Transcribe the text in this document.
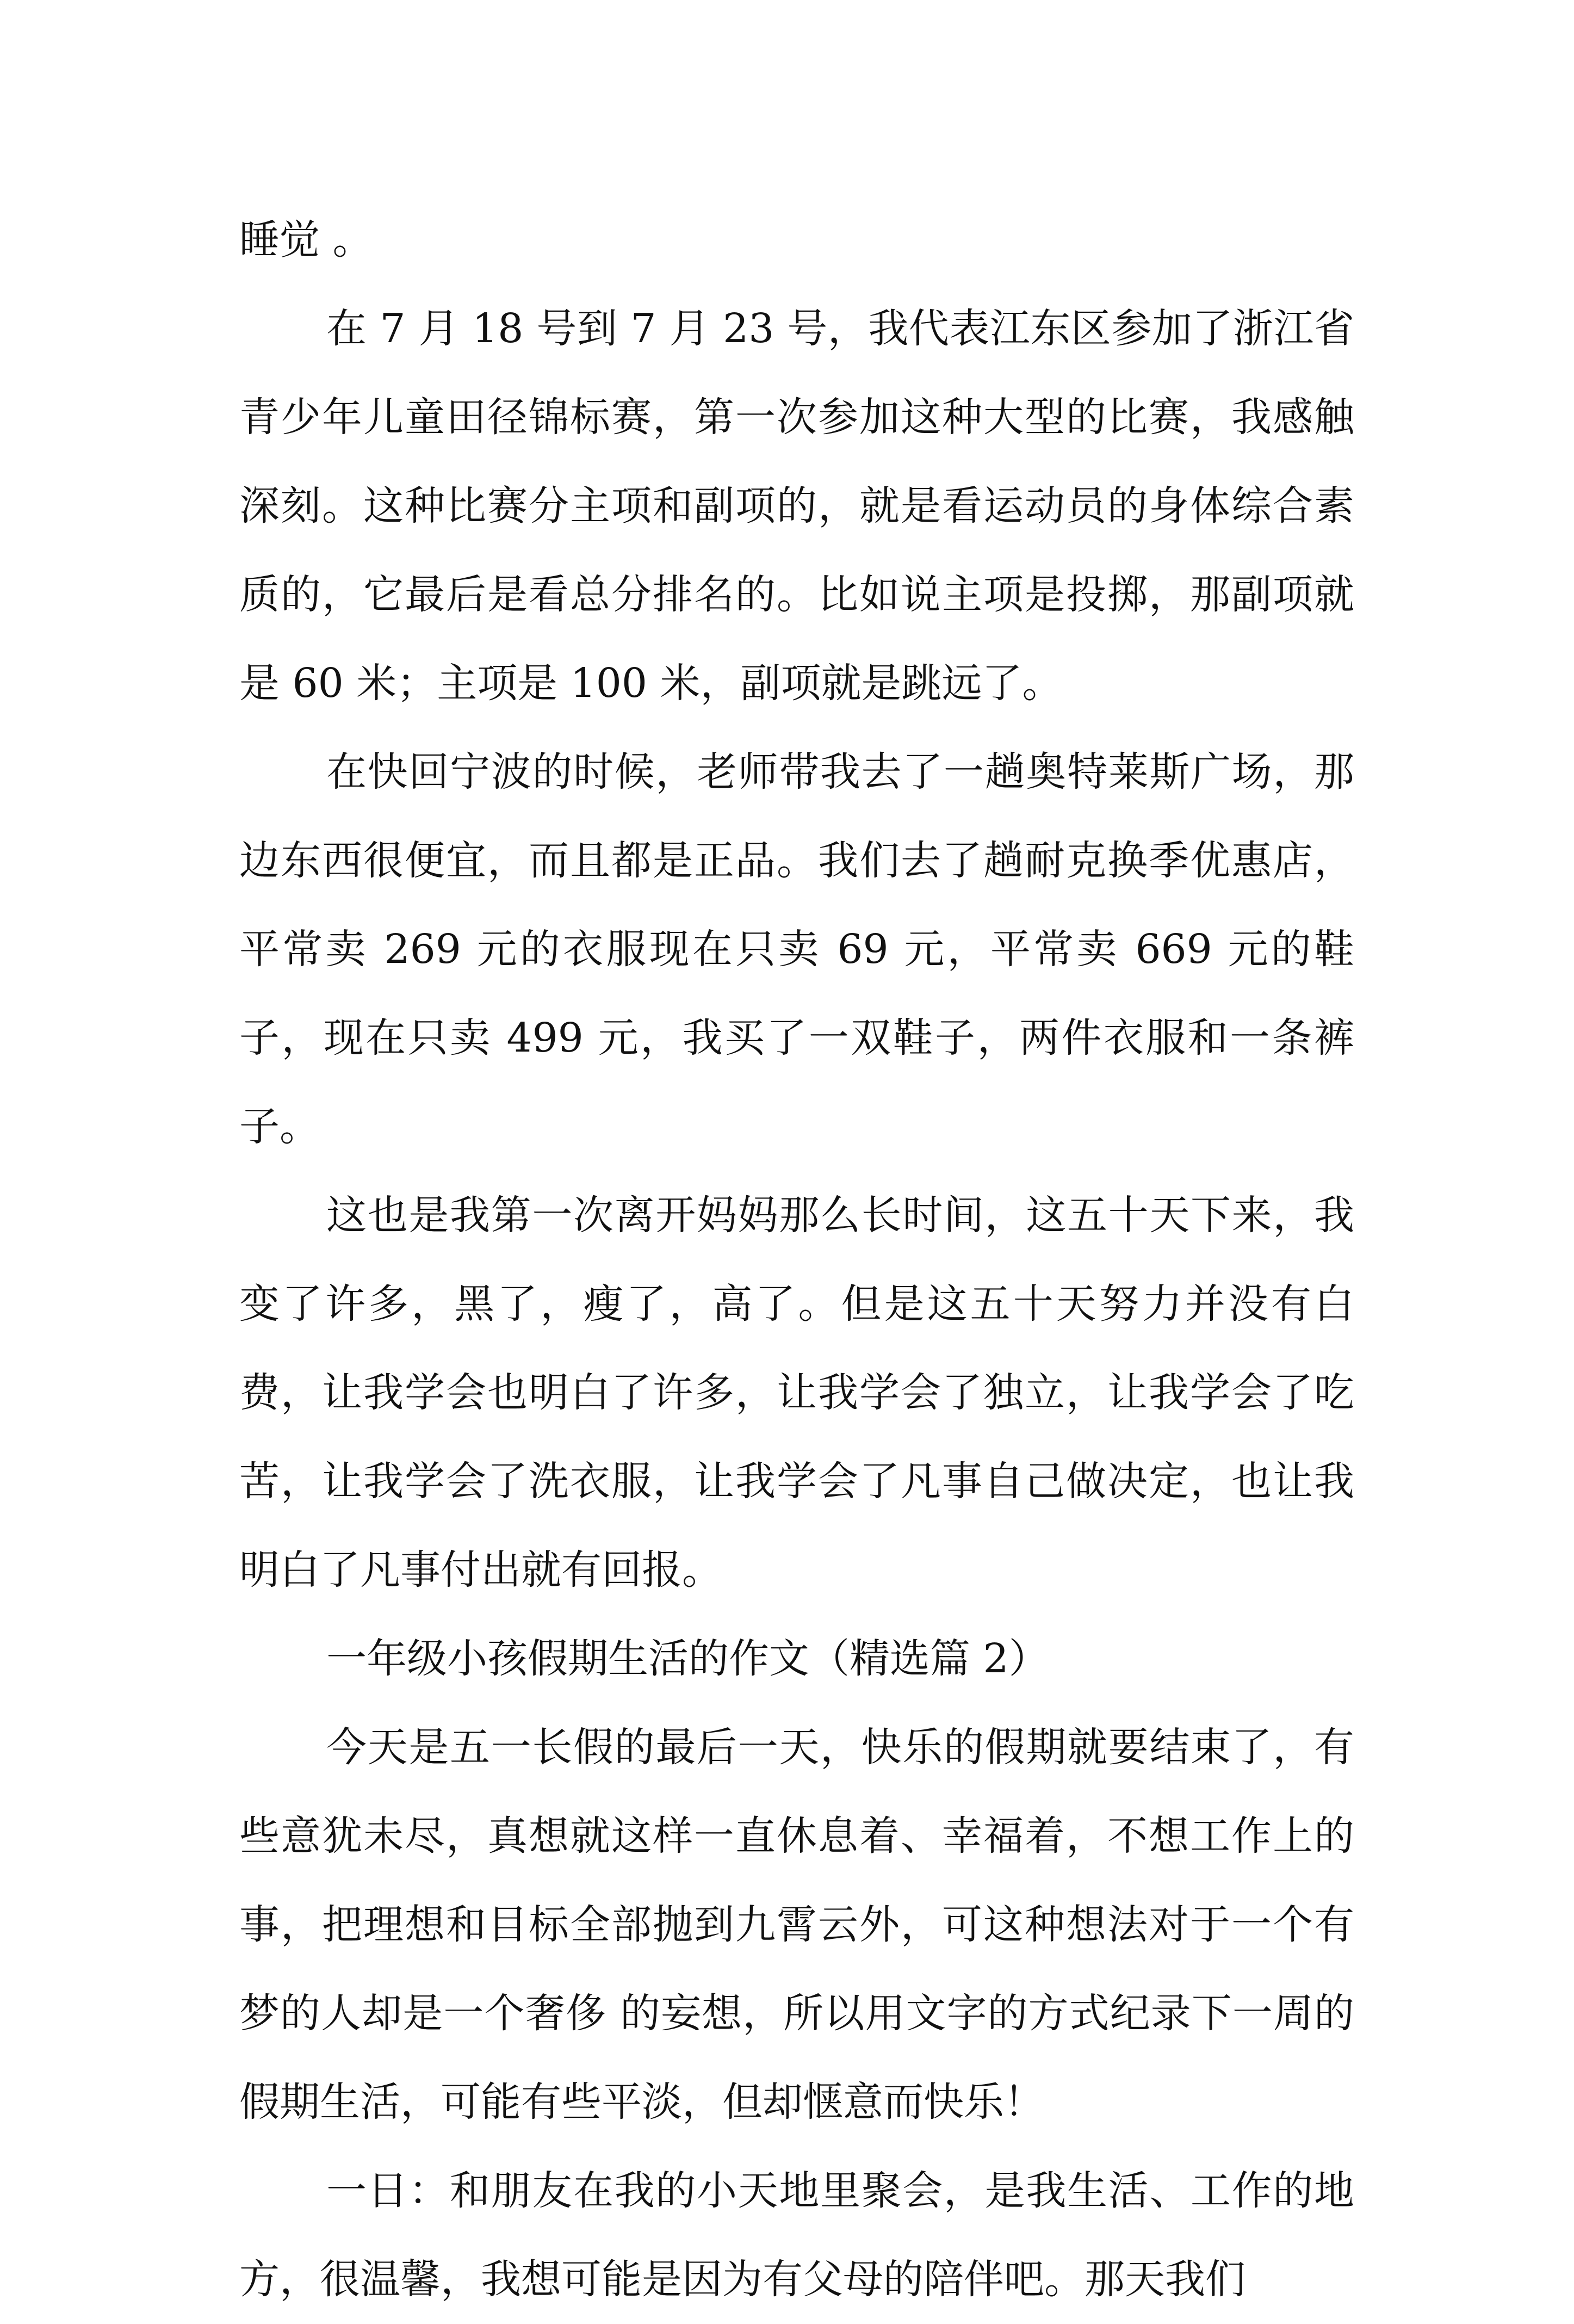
睡觉 。

在 7 月 18 号到 7 月 23 号，我代表江东区参加了浙江省青少年儿童田径锦标赛，第一次参加这种大型的比赛，我感触深刻。这种比赛分主项和副项的，就是看运动员的身体综合素质的，它最后是看总分排名的。比如说主项是投掷，那副项就是 60 米；主项是 100 米，副项就是跳远了。

在快回宁波的时候，老师带我去了一趟奥特莱斯广场，那边东西很便宜，而且都是正品。我们去了趟耐克换季优惠店，平常卖 269 元的衣服现在只卖 69 元，平常卖 669 元的鞋子，现在只卖 499 元，我买了一双鞋子，两件衣服和一条裤子。

这也是我第一次离开妈妈那么长时间，这五十天下来，我变了许多，黑了，瘦了，高了。但是这五十天努力并没有白费，让我学会也明白了许多，让我学会了独立，让我学会了吃苦，让我学会了洗衣服，让我学会了凡事自己做决定，也让我明白了凡事付出就有回报。

一年级小孩假期生活的作文（精选篇 2）

今天是五一长假的最后一天，快乐的假期就要结束了，有些意犹未尽，真想就这样一直休息着、幸福着，不想工作上的事，把理想和目标全部抛到九霄云外，可这种想法对于一个有梦的人却是一个奢侈 的妄想，所以用文字的方式纪录下一周的假期生活，可能有些平淡，但却惬意而快乐！

一日：和朋友在我的小天地里聚会，是我生活、工作的地方，很温馨，我想可能是因为有父母的陪伴吧。那天我们
